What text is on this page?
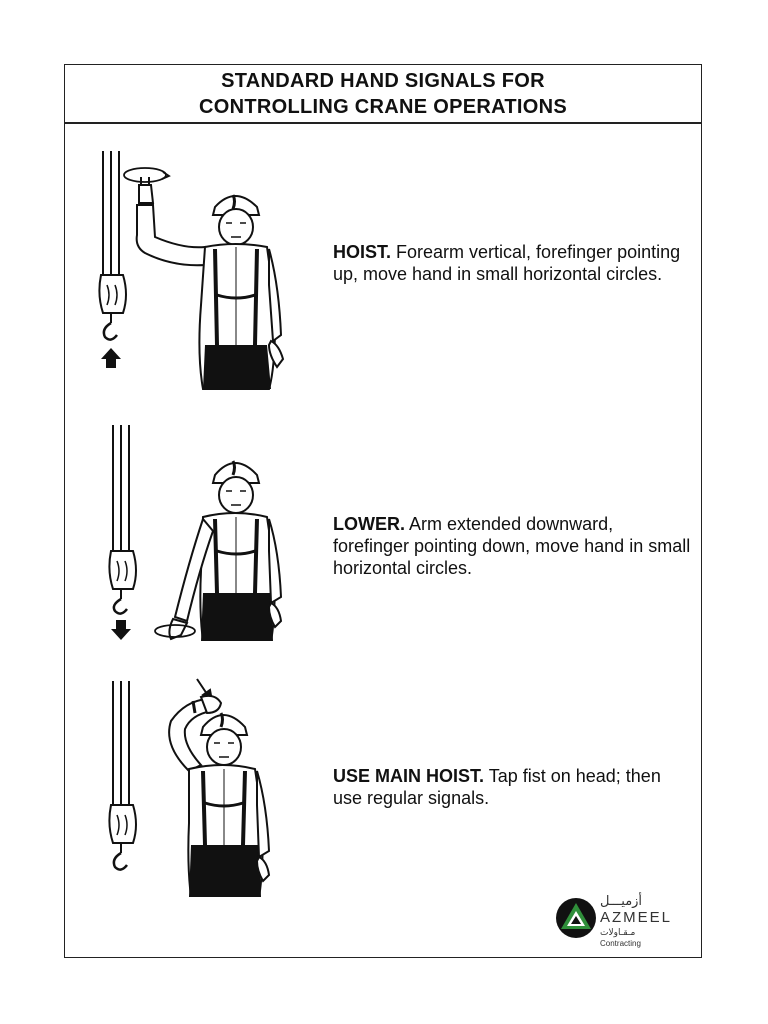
STANDARD HAND SIGNALS FOR
CONTROLLING CRANE OPERATIONS
HOIST. Forearm vertical, forefinger pointing up, move hand in small horizontal circles.
LOWER. Arm extended downward, forefinger pointing down, move hand in small horizontal circles.
USE MAIN HOIST. Tap fist on head; then use regular signals.
أزميـــل
AZMEEL
مـقـاولات
Contracting
